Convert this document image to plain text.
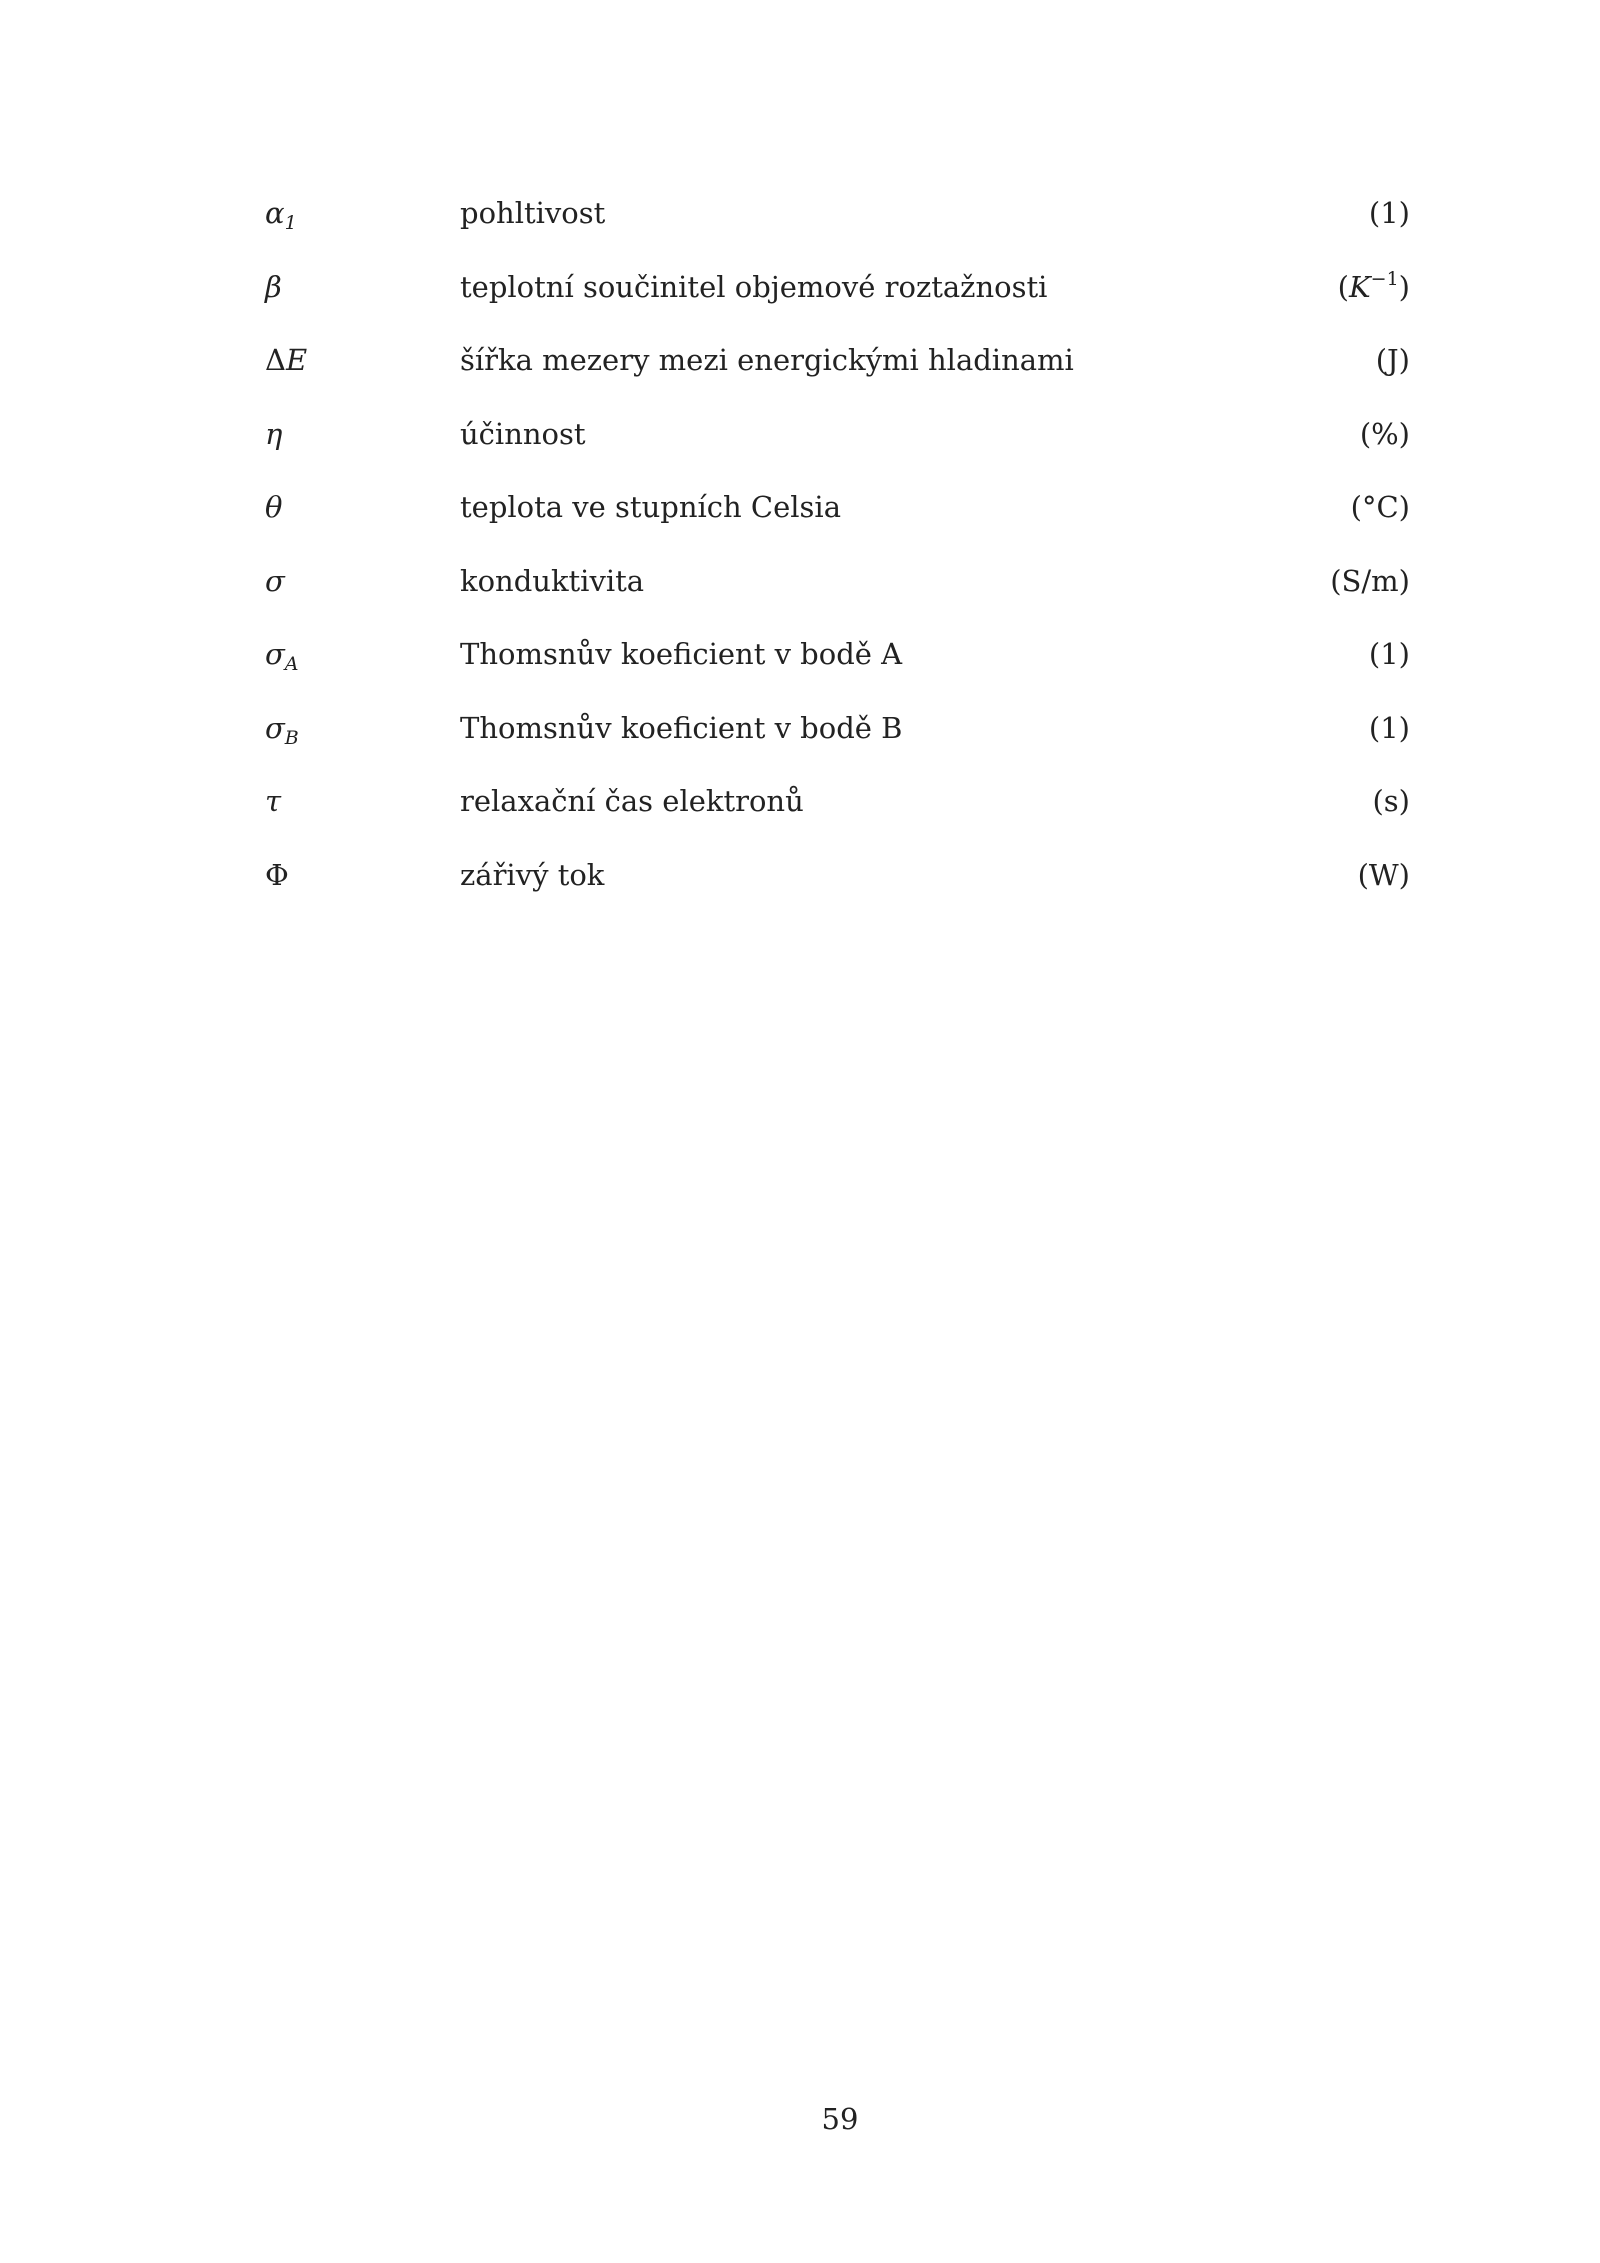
$\alpha_1$	pohltivost	(1)
β	teplotní součinitel objemové roztažnosti	$(K^{-1})$
ΔE	šířka mezery mezi energickými hladinami	(J)
η	účinnost	(%)
θ	teplota ve stupních Celsia	(°C)
σ	konduktivita	(S/m)
$\sigma_A$	Thomsnův koeficient v bodě A	(1)
$\sigma_B$	Thomsnův koeficient v bodě B	(1)
τ	relaxační čas elektronů	(s)
Φ	zářivý tok	(W)
59
